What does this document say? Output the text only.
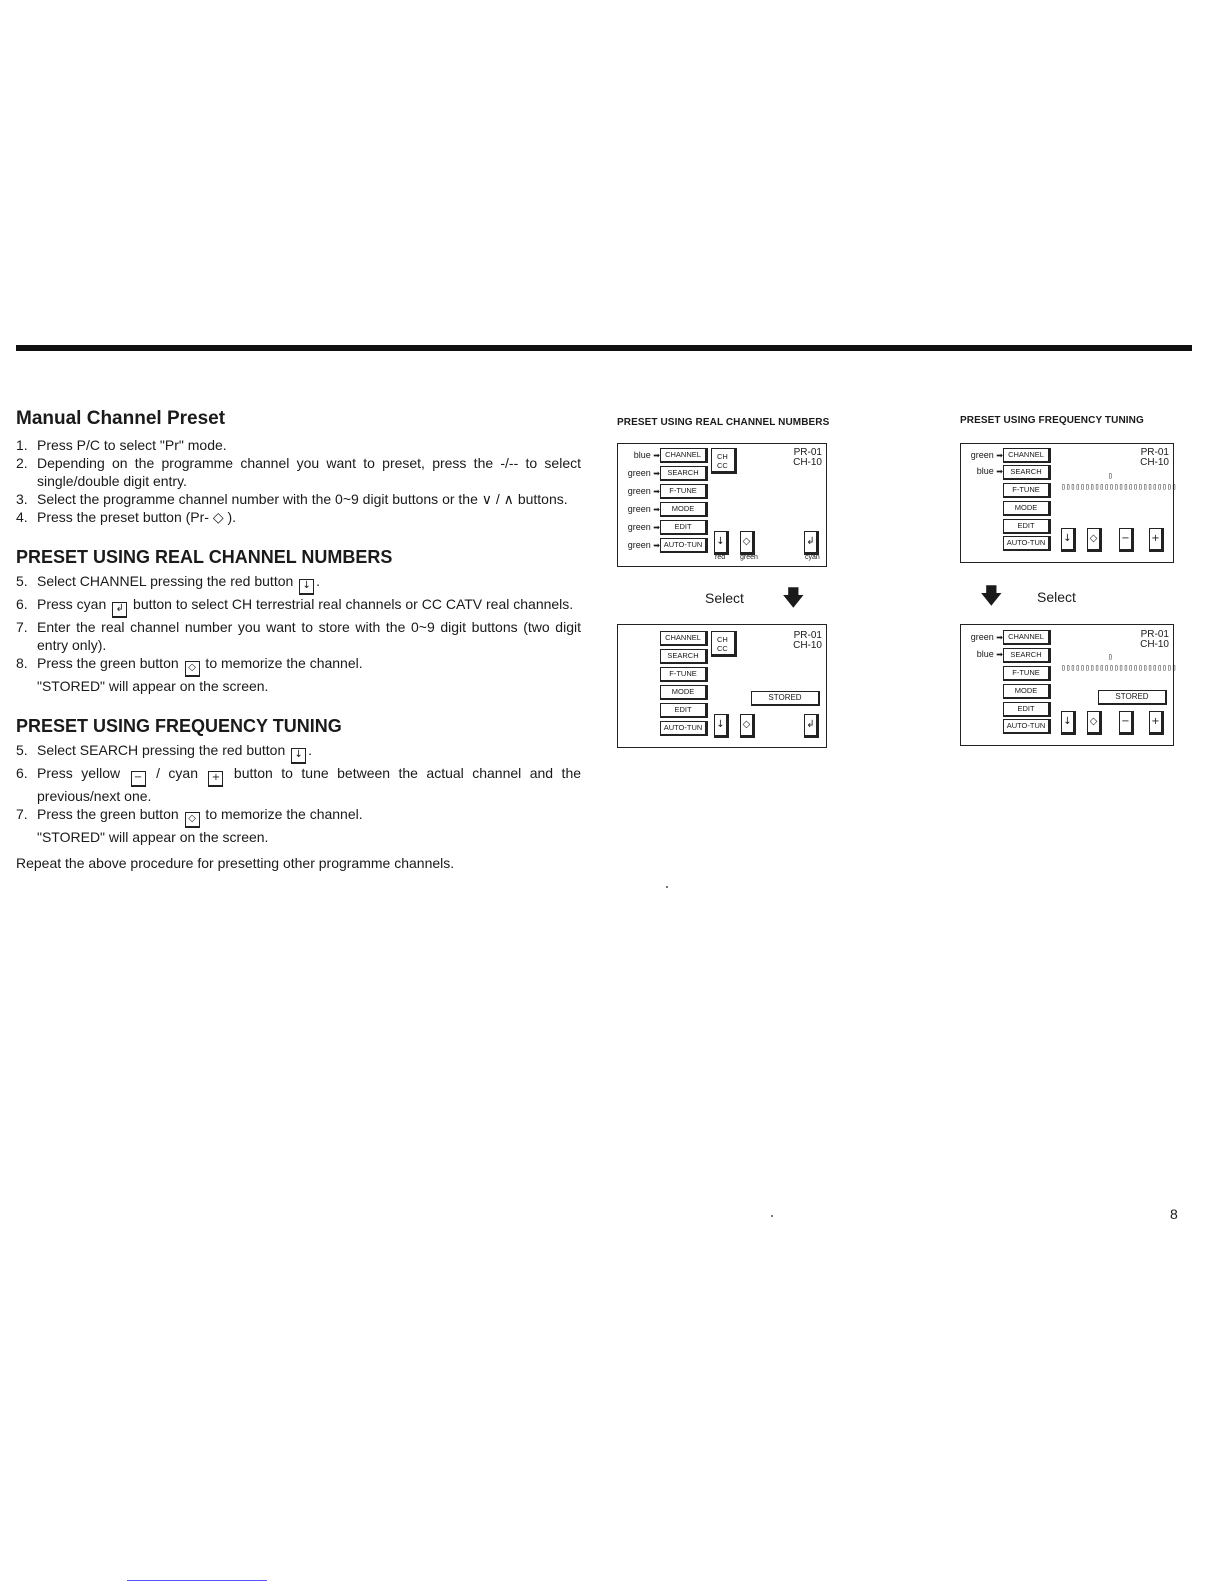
Manual Channel Preset
1. Press P/C to select "Pr" mode.
2. Depending on the programme channel you want to preset, press the -/-- to select single/double digit entry.
3. Select the programme channel number with the 0~9 digit buttons or the ∨ / ∧ buttons.
4. Press the preset button (Pr- ◇ ).
PRESET USING REAL CHANNEL NUMBERS
5. Select CHANNEL pressing the red button ↓ .
6. Press cyan ↲ button to select CH terrestrial real channels or CC CATV real channels.
7. Enter the real channel number you want to store with the 0~9 digit buttons (two digit entry only).
8. Press the green button ◇ to memorize the channel.
"STORED" will appear on the screen.
PRESET USING FREQUENCY TUNING
5. Select SEARCH pressing the red button ↓ .
6. Press yellow − / cyan + button to tune between the actual channel and the previous/next one.
7. Press the green button ◇ to memorize the channel.
"STORED" will appear on the screen.
Repeat the above procedure for presetting other programme channels.
PRESET USING REAL CHANNEL NUMBERS	PRESET USING FREQUENCY TUNING
blue ➡
green ➡
green ➡
green ➡
green ➡
green ➡
CHANNEL
SEARCH
F-TUNE
MODE
EDIT
AUTO-TUN
CH
CC
PR-01
CH-10
↓	◇	↲
red green	cyan
Select 🡇
CHANNEL
SEARCH
F-TUNE
MODE
EDIT
AUTO-TUN
CH
CC
PR-01
CH-10
STORED
↓	◇	↲
green ➡
blue ➡
CHANNEL
SEARCH
F-TUNE
MODE
EDIT
AUTO-TUN
PR-01
CH-10
▯
▯▯▯▯▯▯▯▯▯▯▯▯▯▯▯▯▯▯▯▯▯▯▯▯
↓	◇	−	+
🡇 Select
green ➡
blue ➡
CHANNEL
SEARCH
F-TUNE
MODE
EDIT
AUTO-TUN
PR-01
CH-10
▯
▯▯▯▯▯▯▯▯▯▯▯▯▯▯▯▯▯▯▯▯▯▯▯▯
STORED
↓	◇	−	+
8
